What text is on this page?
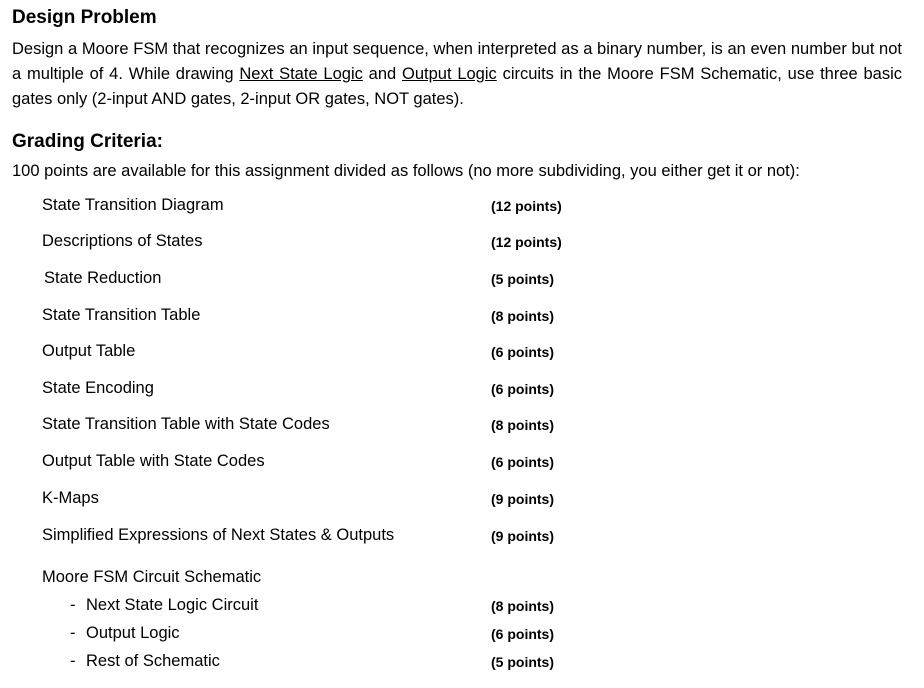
Design Problem

Design a Moore FSM that recognizes an input sequence, when interpreted as a binary number, is an even number but not a multiple of 4. While drawing Next State Logic and Output Logic circuits in the Moore FSM Schematic, use three basic gates only (2-input AND gates, 2-input OR gates, NOT gates).

Grading Criteria:

100 points are available for this assignment divided as follows (no more subdividing, you either get it or not):

State Transition Diagram	(12 points)
Descriptions of States	(12 points)
State Reduction	(5 points)
State Transition Table	(8 points)
Output Table	(6 points)
State Encoding	(6 points)
State Transition Table with State Codes	(8 points)
Output Table with State Codes	(6 points)
K-Maps	(9 points)
Simplified Expressions of Next States & Outputs	(9 points)
Moore FSM Circuit Schematic
- Next State Logic Circuit	(8 points)
- Output Logic	(6 points)
- Rest of Schematic	(5 points)
